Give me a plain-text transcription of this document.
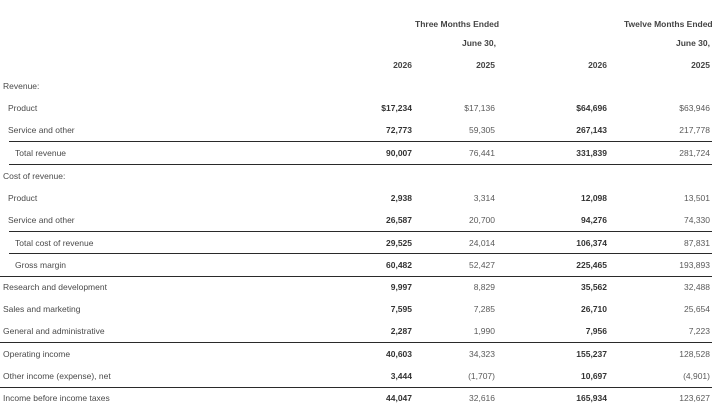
Three Months Ended
June 30,
Twelve Months Ended
June 30,
2026	2025	2026	2025
Revenue:
Product	$17,234	$17,136	$64,696	$63,946
Service and other	72,773	59,305	267,143	217,778
Total revenue	90,007	76,441	331,839	281,724
Cost of revenue:
Product	2,938	3,314	12,098	13,501
Service and other	26,587	20,700	94,276	74,330
Total cost of revenue	29,525	24,014	106,374	87,831
Gross margin	60,482	52,427	225,465	193,893
Research and development	9,997	8,829	35,562	32,488
Sales and marketing	7,595	7,285	26,710	25,654
General and administrative	2,287	1,990	7,956	7,223
Operating income	40,603	34,323	155,237	128,528
Other income (expense), net	3,444	(1,707)	10,697	(4,901)
Income before income taxes	44,047	32,616	165,934	123,627
